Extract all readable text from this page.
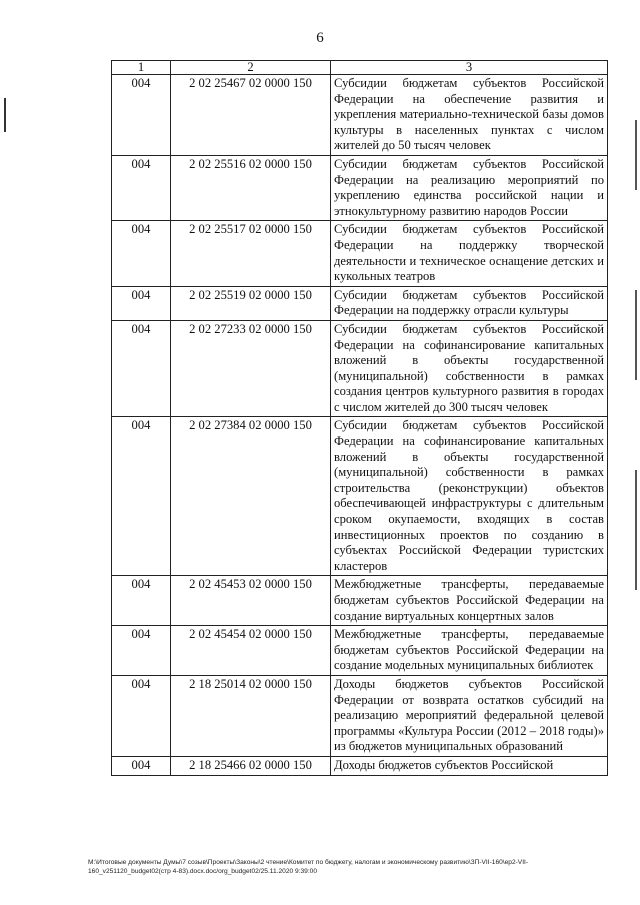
6
1	2	3
004	2 02 25467 02 0000 150	Субсидии бюджетам субъектов Российской Федерации на обеспечение развития и укрепления материально-технической базы домов культуры в населенных пунктах с числом жителей до 50 тысяч человек
004	2 02 25516 02 0000 150	Субсидии бюджетам субъектов Российской Федерации на реализацию мероприятий по укреплению единства российской нации и этнокультурному развитию народов России
004	2 02 25517 02 0000 150	Субсидии бюджетам субъектов Российской Федерации на поддержку творческой деятельности и техническое оснащение детских и кукольных театров
004	2 02 25519 02 0000 150	Субсидии бюджетам субъектов Российской Федерации на поддержку отрасли культуры
004	2 02 27233 02 0000 150	Субсидии бюджетам субъектов Российской Федерации на софинансирование капитальных вложений в объекты государственной (муниципальной) собственности в рамках создания центров культурного развития в городах с числом жителей до 300 тысяч человек
004	2 02 27384 02 0000 150	Субсидии бюджетам субъектов Российской Федерации на софинансирование капитальных вложений в объекты государственной (муниципальной) собственности в рамках строительства (реконструкции) объектов обеспечивающей инфраструктуры с длительным сроком окупаемости, входящих в состав инвестиционных проектов по созданию в субъектах Российской Федерации туристских кластеров
004	2 02 45453 02 0000 150	Межбюджетные трансферты, передаваемые бюджетам субъектов Российской Федерации на создание виртуальных концертных залов
004	2 02 45454 02 0000 150	Межбюджетные трансферты, передаваемые бюджетам субъектов Российской Федерации на создание модельных муниципальных библиотек
004	2 18 25014 02 0000 150	Доходы бюджетов субъектов Российской Федерации от возврата остатков субсидий на реализацию мероприятий федеральной целевой программы «Культура России (2012 – 2018 годы)» из бюджетов муниципальных образований
004	2 18 25466 02 0000 150	Доходы бюджетов субъектов Российской
M:\Итоговые документы Думы\7 созыв\Проекты\Законы\2 чтение\Комитет по бюджету, налогам и экономическому развитию\ЗП-VII-160\ep2-VII-
160_v251120_budget02(стр 4-83).docx.doc/org_budget02/25.11.2020 9:39:00
